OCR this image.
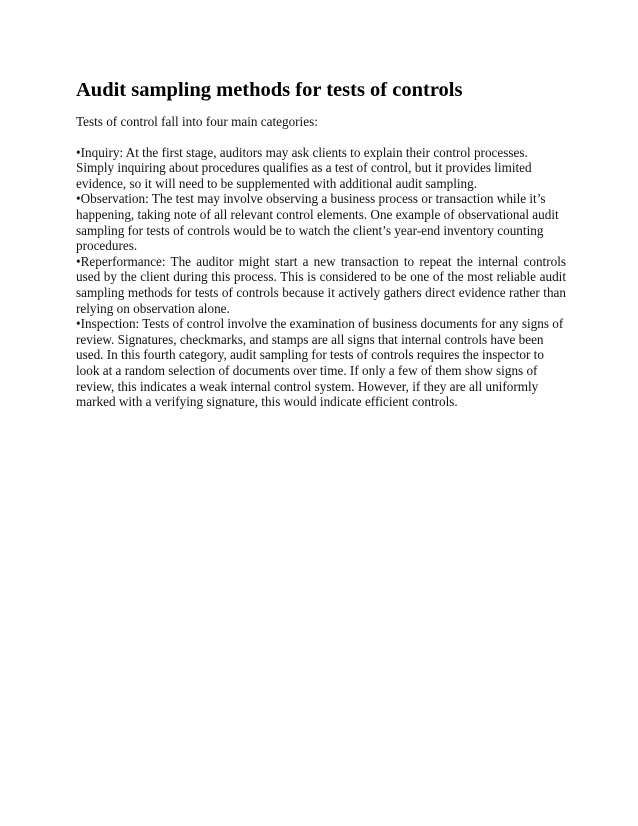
Audit sampling methods for tests of controls

Tests of control fall into four main categories:

•Inquiry: At the first stage, auditors may ask clients to explain their control processes. Simply inquiring about procedures qualifies as a test of control, but it provides limited evidence, so it will need to be supplemented with additional audit sampling.
•Observation: The test may involve observing a business process or transaction while it’s happening, taking note of all relevant control elements. One example of observational audit sampling for tests of controls would be to watch the client’s year-end inventory counting procedures.
•Reperformance: The auditor might start a new transaction to repeat the internal controls used by the client during this process. This is considered to be one of the most reliable audit sampling methods for tests of controls because it actively gathers direct evidence rather than relying on observation alone.
•Inspection: Tests of control involve the examination of business documents for any signs of review. Signatures, checkmarks, and stamps are all signs that internal controls have been used. In this fourth category, audit sampling for tests of controls requires the inspector to look at a random selection of documents over time. If only a few of them show signs of review, this indicates a weak internal control system. However, if they are all uniformly marked with a verifying signature, this would indicate efficient controls.
